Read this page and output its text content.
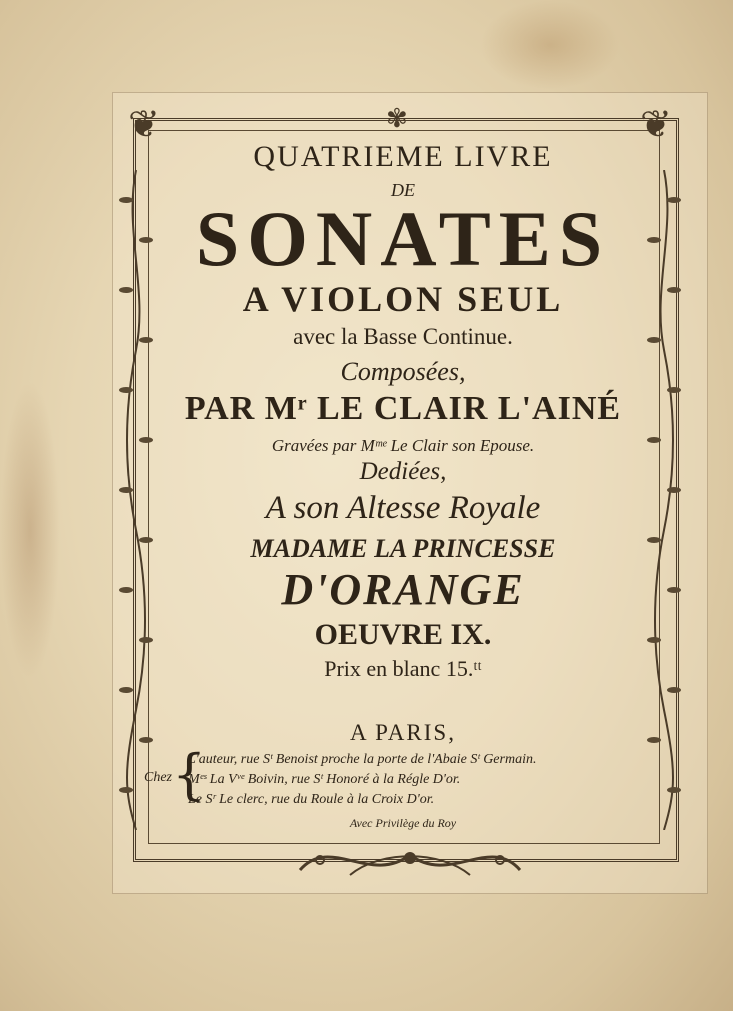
❦	❦
✾
QUATRIEME LIVRE
DE
SONATES
A VIOLON SEUL
avec la Basse Continue.
Composées,
PAR Mʳ LE CLAIR L'AINÉ
Gravées par Mᵐᵉ Le Clair son Epouse.
Dediées,
A son Altesse Royale
MADAME LA PRINCESSE
D'ORANGE
OEUVRE IX.
Prix en blanc 15.ᵗᵗ
A PARIS,
Chez {
L'auteur, rue Sᵗ Benoist proche la porte de l'Abaie Sᵗ Germain.
Mᵉˢ La Vᵛᵉ Boivin, rue Sᵗ Honoré à la Régle D'or.
Le Sʳ Le clerc, rue du Roule à la Croix D'or.
Avec Privilège du Roy
